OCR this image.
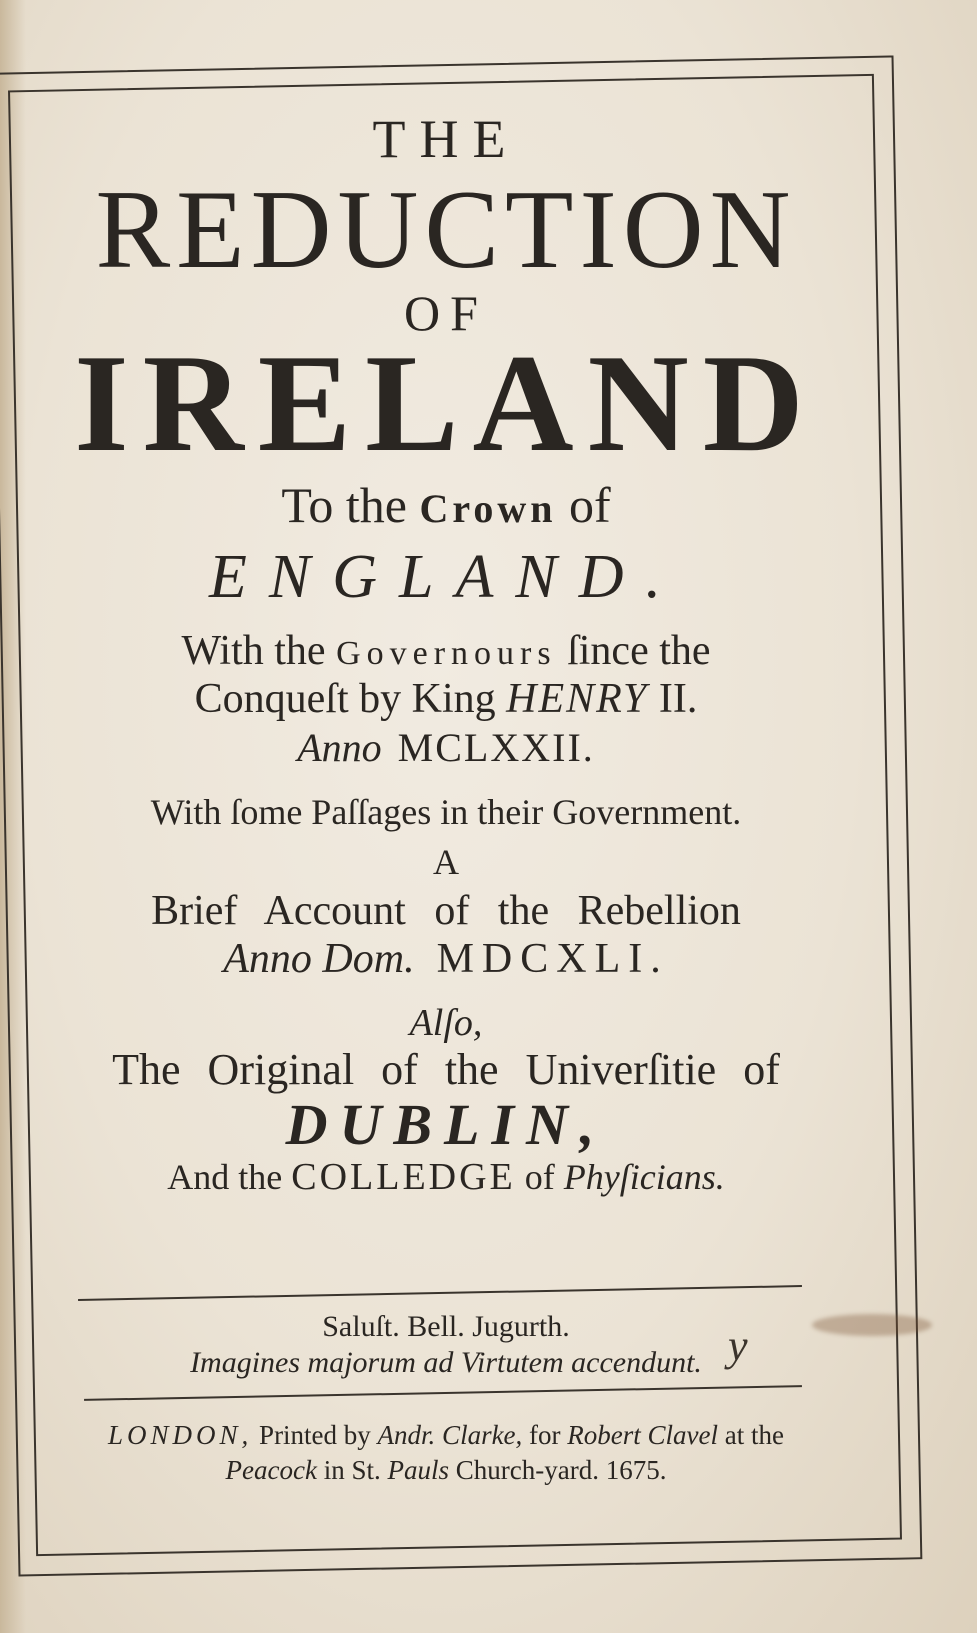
THE
REDUCTION
OF
IRELAND
To the Crown of
ENGLAND.
With the Governours ſince the
Conqueſt by King HENRY II.
Anno MCLXXII.
With ſome Paſſages in their Government.
A
Brief Account of the Rebellion
Anno Dom. MDCXLI.
Alſo,
The Original of the Univerſitie of
DUBLIN,
And the COLLEDGE of Phyſicians.
Saluſt. Bell. Jugurth.
Imagines majorum ad Virtutem accendunt. y
LONDON, Printed by Andr. Clarke, for Robert Clavel at the
Peacock in St. Pauls Church-yard. 1675.
